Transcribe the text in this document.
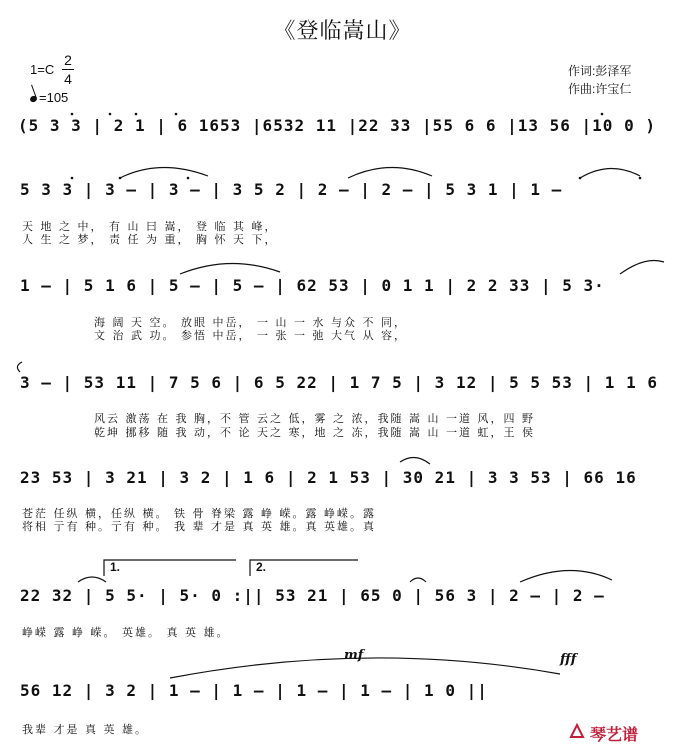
《登临嵩山》
1=C
2
4
=105
作词:彭泽军
作曲:许宝仁
(5 3 3 | 2 1 | 6 1653 |6532 11 |22 33 |55 6 6 |13 56 |10 0 )
5 3 3 | 3 — | 3 — | 3 5 2 | 2 — | 2 — | 5 3 1 | 1 —
天 地 之 中， 有 山 曰 嵩， 登 临 其 峰，
人 生 之 梦， 责 任 为 重， 胸 怀 天 下，
1 — | 5 1 6 | 5 — | 5 — | 62 53 | 0 1 1 | 2 2 33 | 5 3·
海 阔 天 空。 放眼 中岳， 一 山 一 水 与众 不 同，
文 治 武 功。 参悟 中岳， 一 张 一 弛 大气 从 容，
3 — | 53 11 | 7 5 6 | 6 5 22 | 1 7 5 | 3 12 | 5 5 53 | 1 1 6
风云 激荡 在 我 胸，不 管 云之 低，雾 之 浓，我随 嵩 山 一道 风，四 野
乾坤 挪移 随 我 动，不 论 天之 寒，地 之 冻，我随 嵩 山 一道 虹，王 侯
23 53 | 3 21 | 3 2 | 1 6 | 2 1 53 | 30 21 | 3 3 53 | 66 16
苍茫 任纵 横，任纵 横。 铁 骨 脊梁 露 峥 嵘。露 峥嵘。露
将相 亍有 种。亍有 种。 我 辈 才是 真 英 雄。真 英雄。真
1.	2.
22 32 | 5 5· | 5· 0 :|| 53 21 | 65 0 | 56 3 | 2 — | 2 —
峥嵘 露 峥 嵘。 英雄。 真 英 雄。
mf	fff
56 12 | 3 2 | 1 — | 1 — | 1 — | 1 — | 1 0 ||
我辈 才是 真 英 雄。	琴艺谱
